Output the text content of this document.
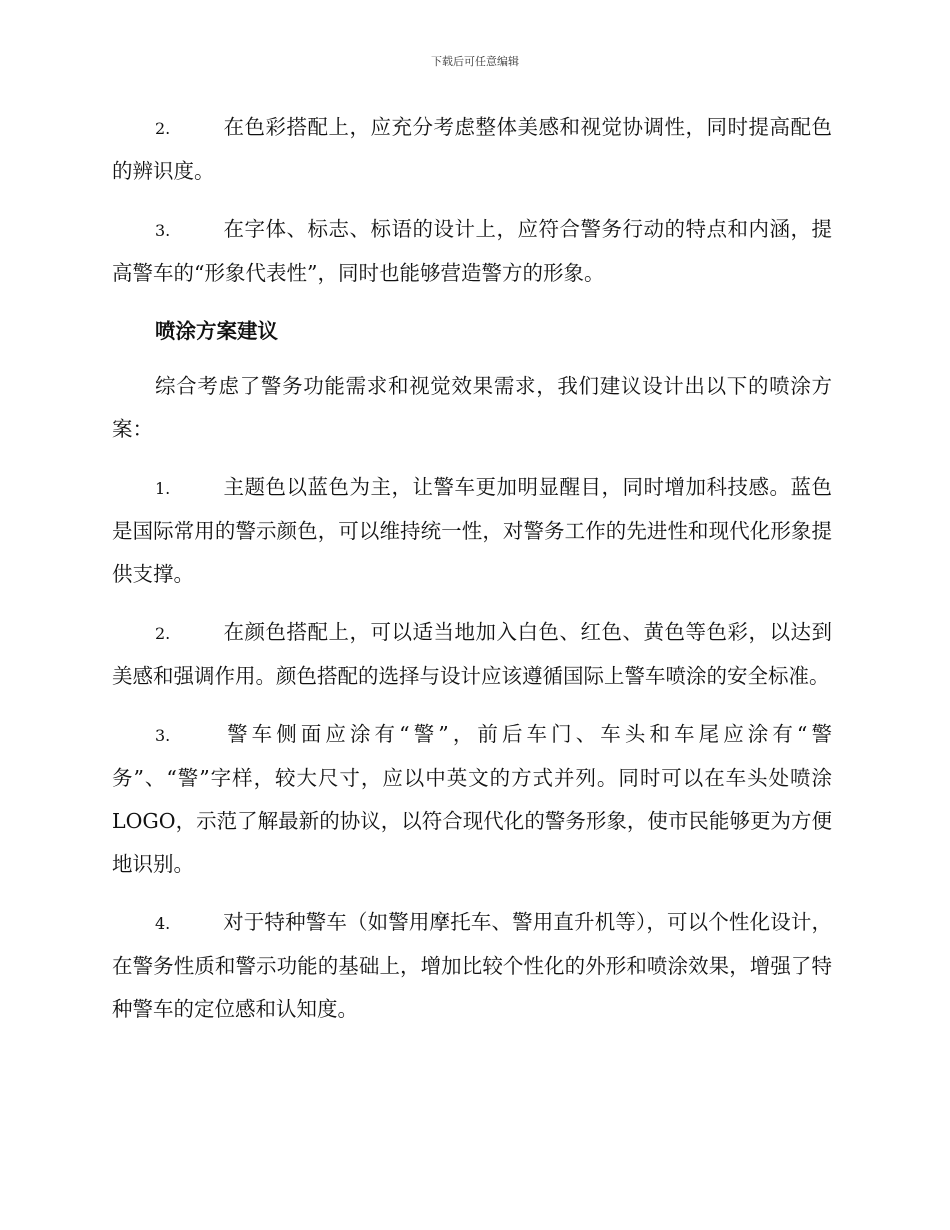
下载后可任意编辑

2.	在色彩搭配上，应充分考虑整体美感和视觉协调性，同时提高配色的辨识度。

3.	在字体、标志、标语的设计上，应符合警务行动的特点和内涵，提高警车的“形象代表性”，同时也能够营造警方的形象。

喷涂方案建议

综合考虑了警务功能需求和视觉效果需求，我们建议设计出以下的喷涂方案：

1.	主题色以蓝色为主，让警车更加明显醒目，同时增加科技感。蓝色是国际常用的警示颜色，可以维持统一性，对警务工作的先进性和现代化形象提供支撑。

2.	在颜色搭配上，可以适当地加入白色、红色、黄色等色彩，以达到美感和强调作用。颜色搭配的选择与设计应该遵循国际上警车喷涂的安全标准。

3.	警车侧面应涂有“警”，前后车门、车头和车尾应涂有“警务”、“警”字样，较大尺寸，应以中英文的方式并列。同时可以在车头处喷涂LOGO，示范了解最新的协议，以符合现代化的警务形象，使市民能够更为方便地识别。

4.	对于特种警车（如警用摩托车、警用直升机等），可以个性化设计，在警务性质和警示功能的基础上，增加比较个性化的外形和喷涂效果，增强了特种警车的定位感和认知度。
